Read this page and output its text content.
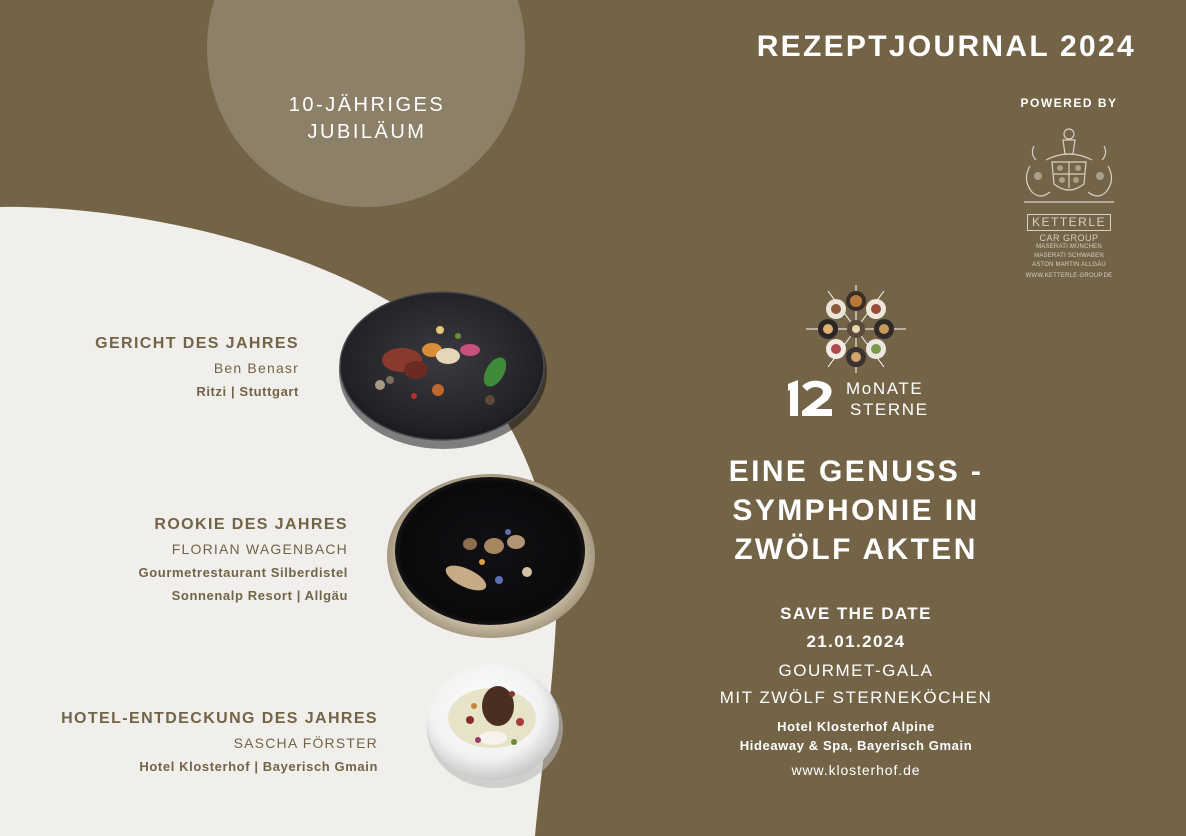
10-JÄHRIGES
JUBILÄUM
GERICHT DES JAHRES
Ben Benasr
Ritzi | Stuttgart
ROOKIE DES JAHRES
FLORIAN WAGENBACH
Gourmetrestaurant Silberdistel
Sonnenalp Resort | Allgäu
HOTEL-ENTDECKUNG DES JAHRES
SASCHA FÖRSTER
Hotel Klosterhof | Bayerisch Gmain
REZEPTJOURNAL 2024
POWERED BY
KETTERLE
CAR GROUP
MASERATI MÜNCHEN
MASERATI SCHWABEN
ASTON MARTIN ALLGÄU
WWW.KETTERLE-GROUP.DE
MoNATE
STERNE
EINE GENUSS -
SYMPHONIE IN
ZWÖLF AKTEN
SAVE THE DATE
21.01.2024
GOURMET-GALA
MIT ZWÖLF STERNEKÖCHEN
Hotel Klosterhof Alpine
Hideaway & Spa, Bayerisch Gmain
www.klosterhof.de
